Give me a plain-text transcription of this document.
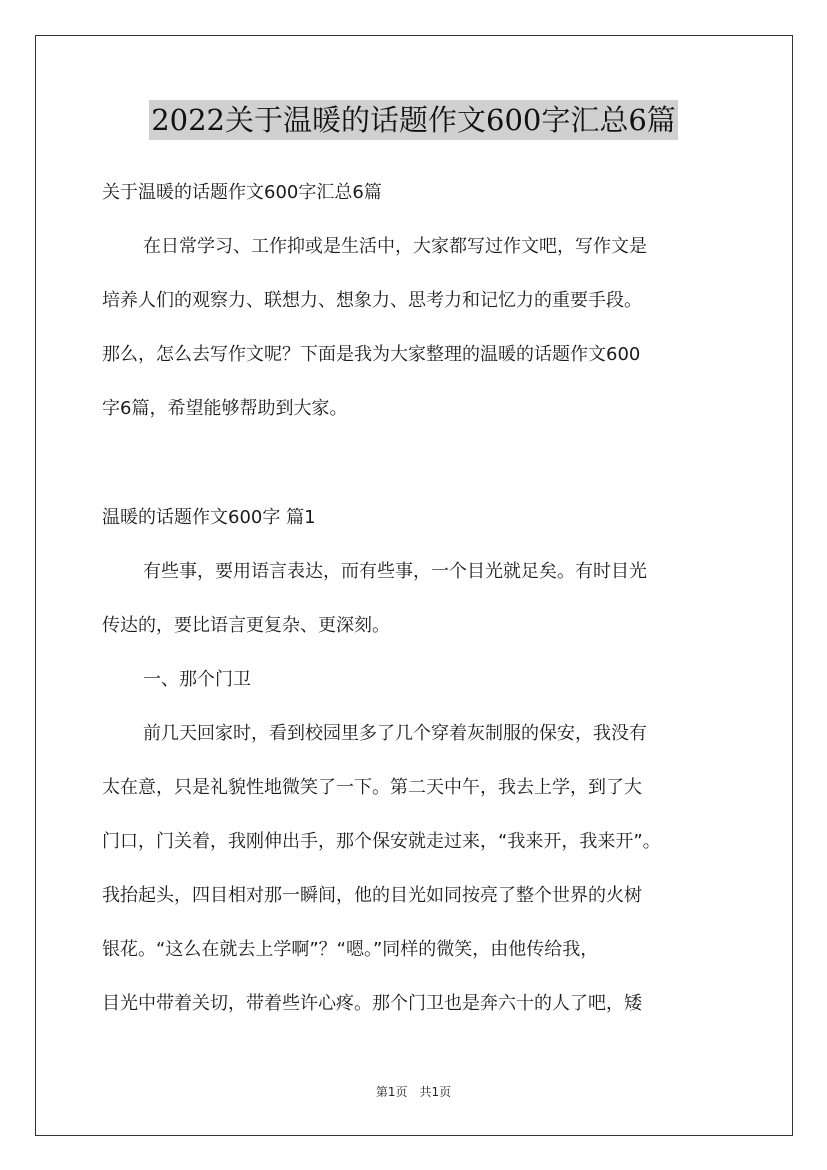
2022关于温暖的话题作文600字汇总6篇
关于温暖的话题作文600字汇总6篇
在日常学习、工作抑或是生活中，大家都写过作文吧，写作文是
培养人们的观察力、联想力、想象力、思考力和记忆力的重要手段。
那么，怎么去写作文呢？下面是我为大家整理的温暖的话题作文600
字6篇，希望能够帮助到大家。
温暖的话题作文600字 篇1
有些事，要用语言表达，而有些事，一个目光就足矣。有时目光
传达的，要比语言更复杂、更深刻。
一、那个门卫
前几天回家时，看到校园里多了几个穿着灰制服的保安，我没有
太在意，只是礼貌性地微笑了一下。第二天中午，我去上学，到了大
门口，门关着，我刚伸出手，那个保安就走过来，“我来开，我来开”。
我抬起头，四目相对那一瞬间，他的目光如同按亮了整个世界的火树
银花。“这么在就去上学啊”？“嗯。”同样的微笑，由他传给我，
目光中带着关切，带着些许心疼。那个门卫也是奔六十的人了吧，矮
第1页 共1页
